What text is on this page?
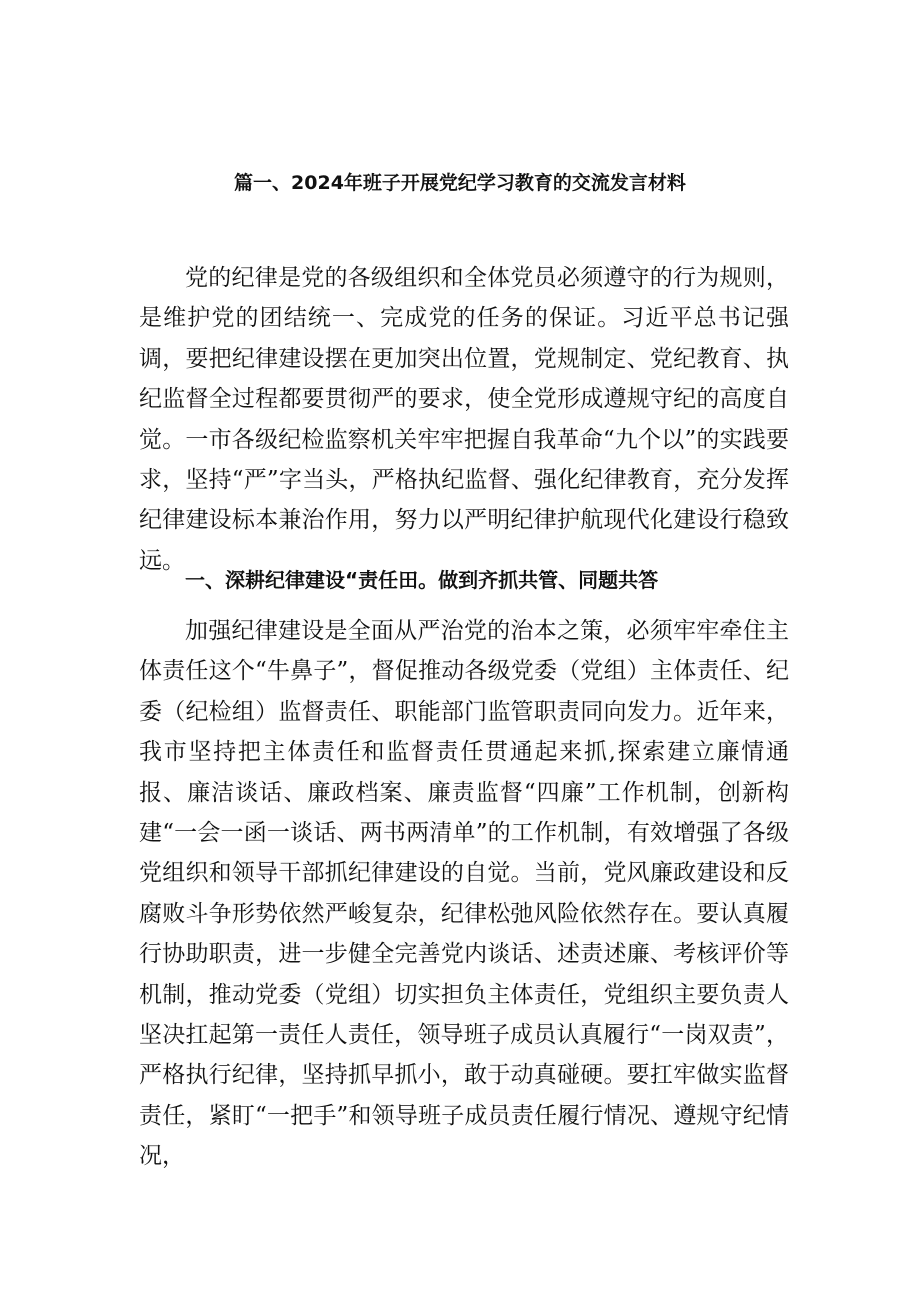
篇一、2024年班子开展党纪学习教育的交流发言材料

党的纪律是党的各级组织和全体党员必须遵守的行为规则，是维护党的团结统一、完成党的任务的保证。习近平总书记强调，要把纪律建设摆在更加突出位置，党规制定、党纪教育、执纪监督全过程都要贯彻严的要求，使全党形成遵规守纪的高度自觉。一市各级纪检监察机关牢牢把握自我革命“九个以”的实践要求，坚持“严”字当头，严格执纪监督、强化纪律教育，充分发挥纪律建设标本兼治作用，努力以严明纪律护航现代化建设行稳致远。

一、深耕纪律建设“责任田。做到齐抓共管、同题共答

加强纪律建设是全面从严治党的治本之策，必须牢牢牵住主体责任这个“牛鼻子”，督促推动各级党委（党组）主体责任、纪委（纪检组）监督责任、职能部门监管职责同向发力。近年来，我市坚持把主体责任和监督责任贯通起来抓,探索建立廉情通报、廉洁谈话、廉政档案、廉责监督“四廉”工作机制，创新构建“一会一函一谈话、两书两清单”的工作机制，有效增强了各级党组织和领导干部抓纪律建设的自觉。当前，党风廉政建设和反腐败斗争形势依然严峻复杂，纪律松弛风险依然存在。要认真履行协助职责，进一步健全完善党内谈话、述责述廉、考核评价等机制，推动党委（党组）切实担负主体责任，党组织主要负责人坚决扛起第一责任人责任，领导班子成员认真履行“一岗双责”，严格执行纪律，坚持抓早抓小，敢于动真碰硬。要扛牢做实监督责任，紧盯“一把手”和领导班子成员责任履行情况、遵规守纪情况，
